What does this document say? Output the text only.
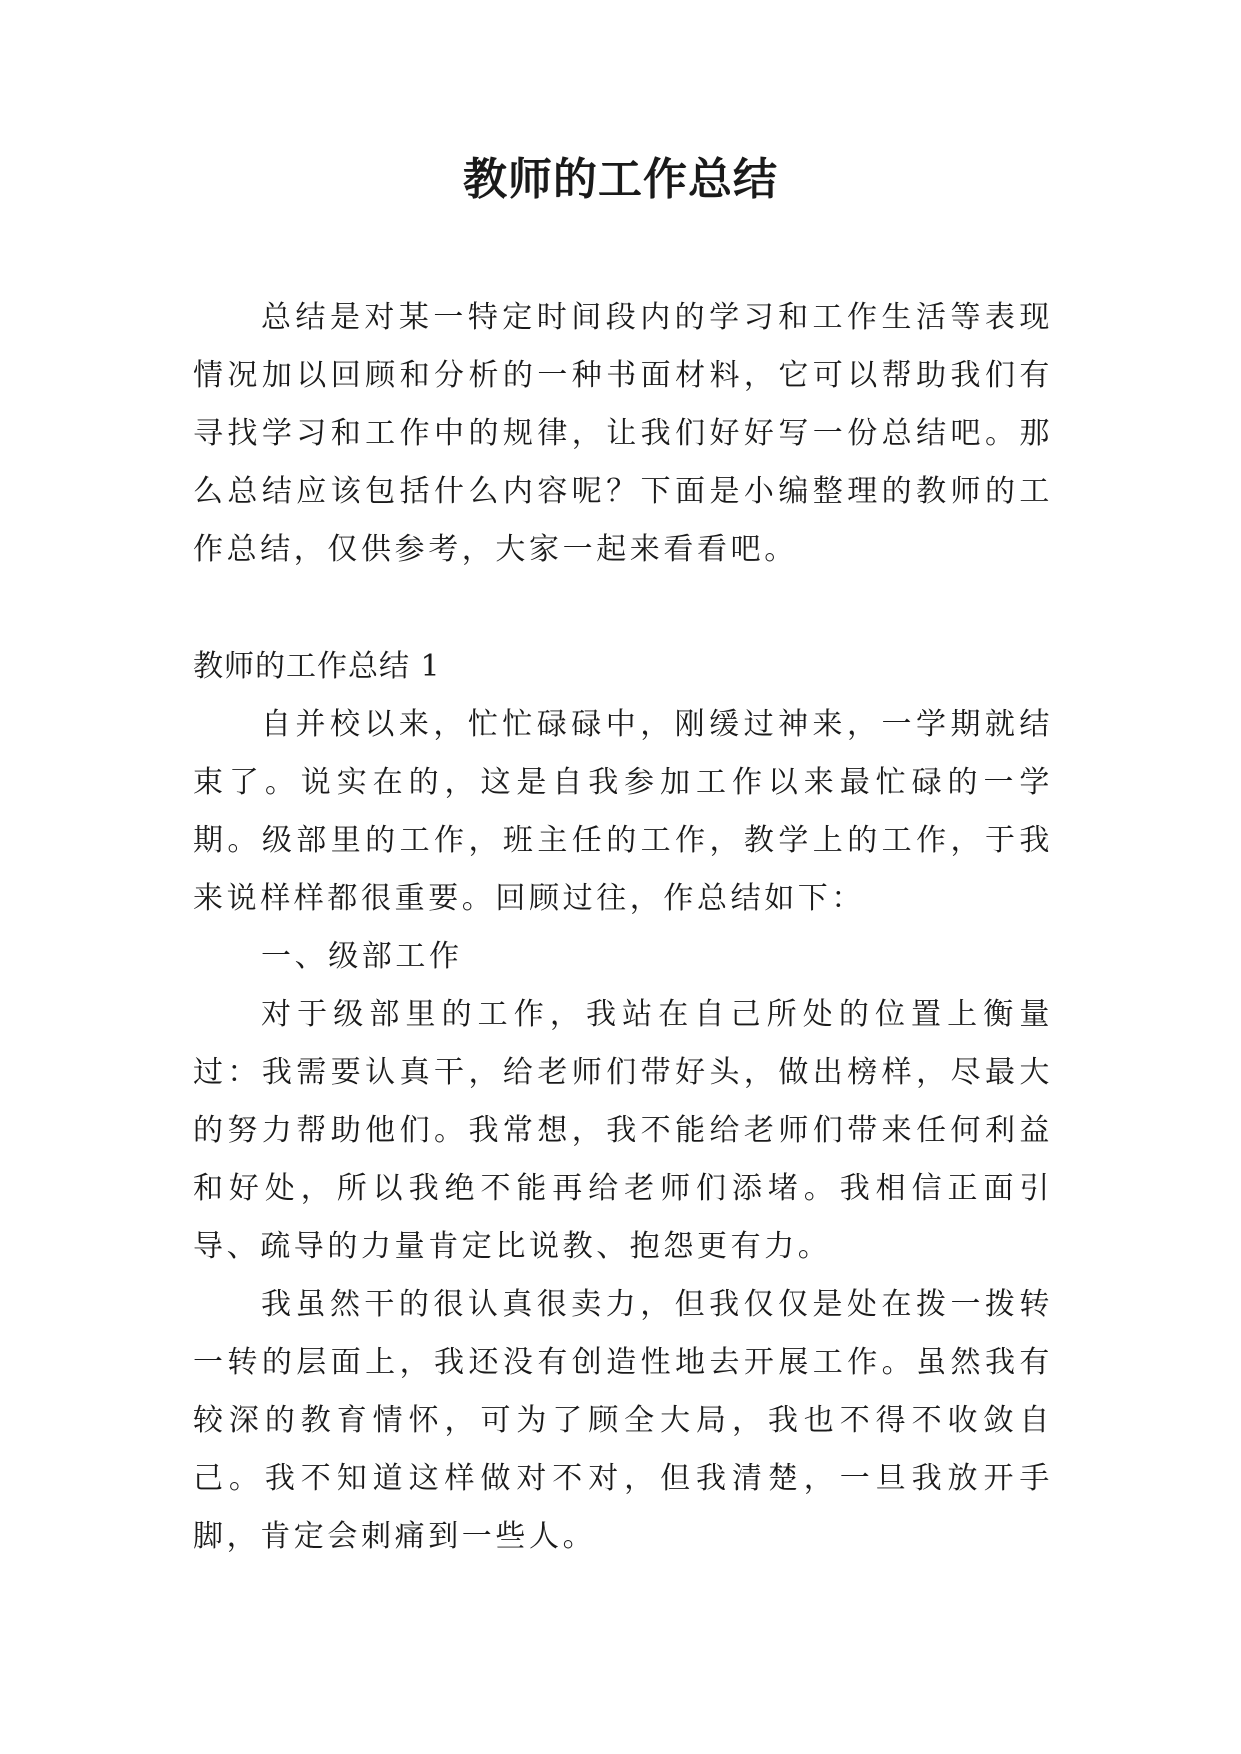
教师的工作总结

总结是对某一特定时间段内的学习和工作生活等表现情况加以回顾和分析的一种书面材料，它可以帮助我们有寻找学习和工作中的规律，让我们好好写一份总结吧。那么总结应该包括什么内容呢？下面是小编整理的教师的工作总结，仅供参考，大家一起来看看吧。

教师的工作总结 1

自并校以来，忙忙碌碌中，刚缓过神来，一学期就结束了。说实在的，这是自我参加工作以来最忙碌的一学期。级部里的工作，班主任的工作，教学上的工作，于我来说样样都很重要。回顾过往，作总结如下：

一、级部工作

对于级部里的工作，我站在自己所处的位置上衡量过：我需要认真干，给老师们带好头，做出榜样，尽最大的努力帮助他们。我常想，我不能给老师们带来任何利益和好处，所以我绝不能再给老师们添堵。我相信正面引导、疏导的力量肯定比说教、抱怨更有力。

我虽然干的很认真很卖力，但我仅仅是处在拨一拨转一转的层面上，我还没有创造性地去开展工作。虽然我有较深的教育情怀，可为了顾全大局，我也不得不收敛自己。我不知道这样做对不对，但我清楚，一旦我放开手脚，肯定会刺痛到一些人。
